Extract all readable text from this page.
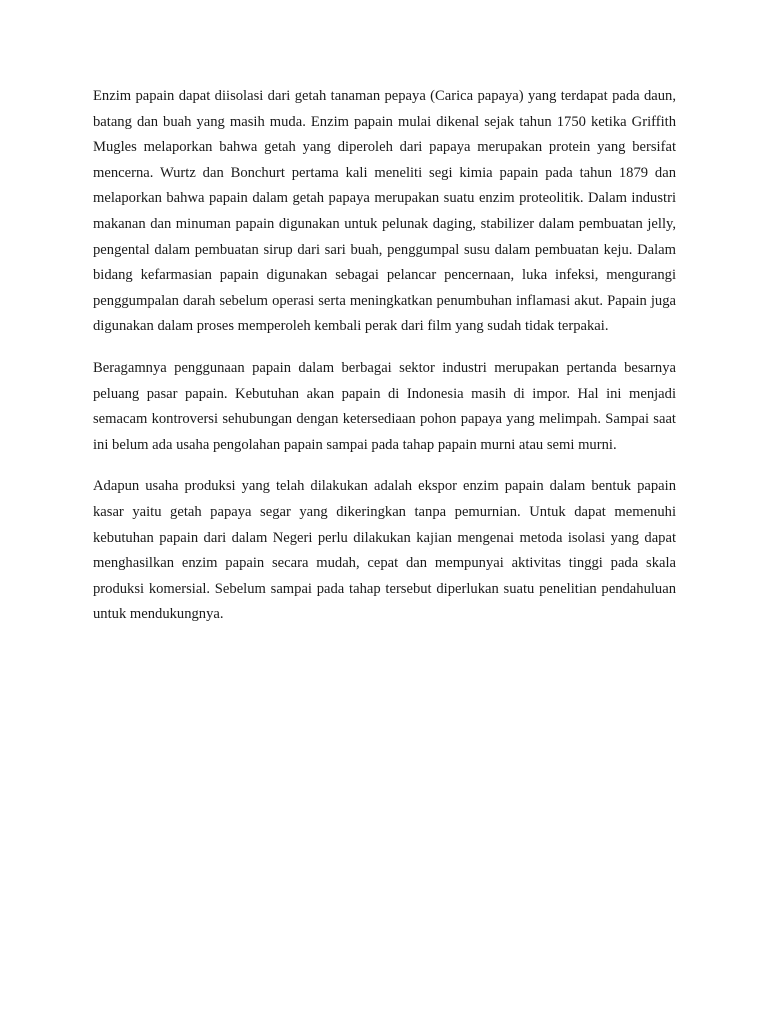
Enzim papain dapat diisolasi dari getah tanaman pepaya (Carica papaya) yang terdapat pada daun, batang dan buah yang masih muda. Enzim papain mulai dikenal sejak tahun 1750 ketika Griffith Mugles melaporkan bahwa getah yang diperoleh dari papaya merupakan protein yang bersifat mencerna. Wurtz dan Bonchurt pertama kali meneliti segi kimia papain pada tahun 1879 dan melaporkan bahwa papain dalam getah papaya merupakan suatu enzim proteolitik. Dalam industri makanan dan minuman papain digunakan untuk pelunak daging, stabilizer dalam pembuatan jelly, pengental dalam pembuatan sirup dari sari buah, penggumpal susu dalam pembuatan keju. Dalam bidang kefarmasian papain digunakan sebagai pelancar pencernaan, luka infeksi, mengurangi penggumpalan darah sebelum operasi serta meningkatkan penumbuhan inflamasi akut. Papain juga digunakan dalam proses memperoleh kembali perak dari film yang sudah tidak terpakai.

Beragamnya penggunaan papain dalam berbagai sektor industri merupakan pertanda besarnya peluang pasar papain. Kebutuhan akan papain di Indonesia masih di impor. Hal ini menjadi semacam kontroversi sehubungan dengan ketersediaan pohon papaya yang melimpah. Sampai saat ini belum ada usaha pengolahan papain sampai pada tahap papain murni atau semi murni.

Adapun usaha produksi yang telah dilakukan adalah ekspor enzim papain dalam bentuk papain kasar yaitu getah papaya segar yang dikeringkan tanpa pemurnian. Untuk dapat memenuhi kebutuhan papain dari dalam Negeri perlu dilakukan kajian mengenai metoda isolasi yang dapat menghasilkan enzim papain secara mudah, cepat dan mempunyai aktivitas tinggi pada skala produksi komersial. Sebelum sampai pada tahap tersebut diperlukan suatu penelitian pendahuluan untuk mendukungnya.
